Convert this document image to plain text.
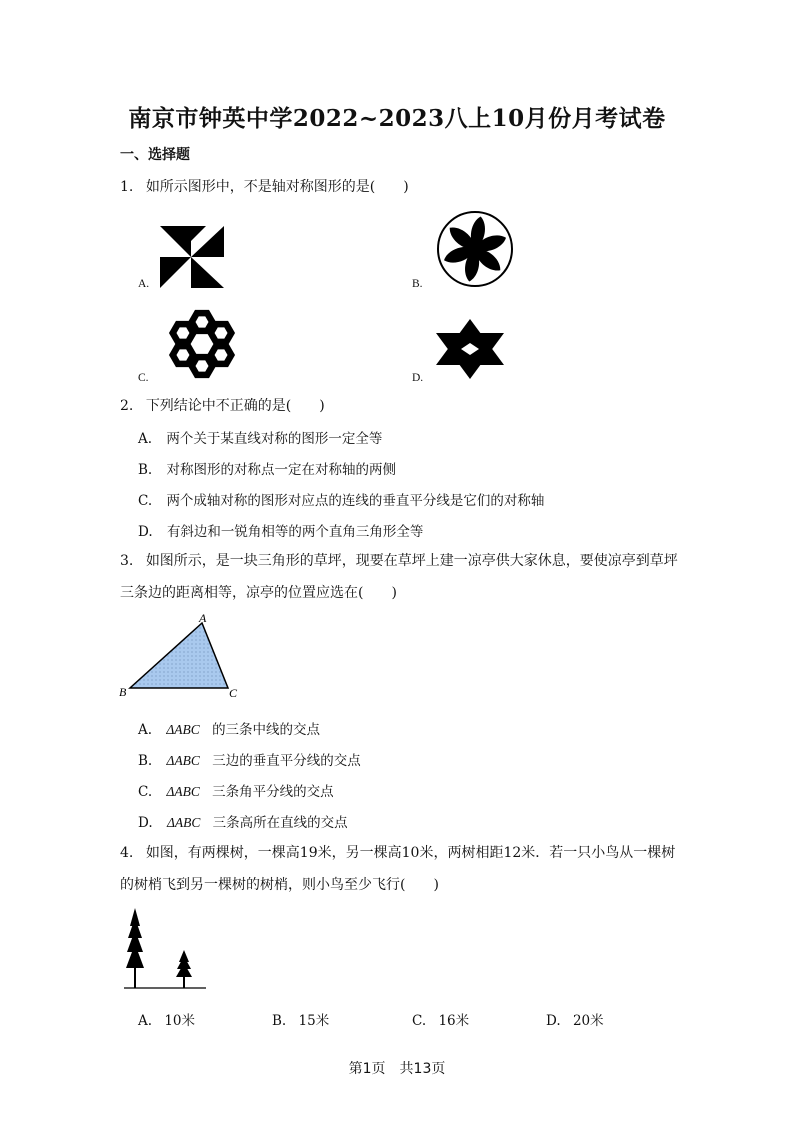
南京市钟英中学2022~2023八上10月份月考试卷
一、选择题
1. 如所示图形中，不是轴对称图形的是(　　)
A.	B.
C.	D.
2. 下列结论中不正确的是(　　)
A. 两个关于某直线对称的图形一定全等
B. 对称图形的对称点一定在对称轴的两侧
C. 两个成轴对称的图形对应点的连线的垂直平分线是它们的对称轴
D. 有斜边和一锐角相等的两个直角三角形全等
3. 如图所示，是一块三角形的草坪，现要在草坪上建一凉亭供大家休息，要使凉亭到草坪
三条边的距离相等，凉亭的位置应选在(　　)
A
B	C
A. ΔABC 的三条中线的交点
B. ΔABC 三边的垂直平分线的交点
C. ΔABC 三条角平分线的交点
D. ΔABC 三条高所在直线的交点
4. 如图，有两棵树，一棵高19米，另一棵高10米，两树相距12米．若一只小鸟从一棵树
的树梢飞到另一棵树的树梢，则小鸟至少飞行(　　)
A. 10米	B. 15米	C. 16米	D. 20米
第1页　共13页
